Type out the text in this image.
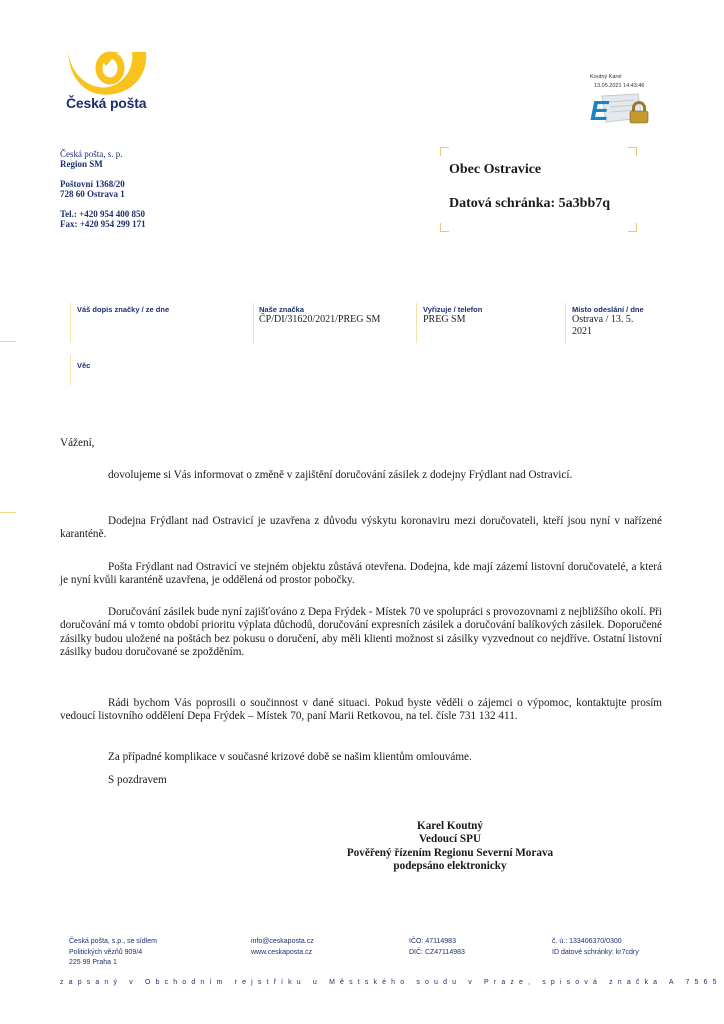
Česká pošta
Koutný Karel
13.05.2021 14:43:46
E
Česká pošta, s. p.
Region SM
Poštovní 1368/20
728 60 Ostrava 1
Tel.: +420 954 400 850
Fax: +420 954 299 171
Obec Ostravice
Datová schránka: 5a3bb7q
Váš dopis značky / ze dne	Naše značka
ČP/DI/31620/2021/PREG SM
Vyřizuje / telefon
PREG SM
Místo odeslání / dne
Ostrava / 13. 5.
2021
Věc
Vážení,
dovolujeme si Vás informovat o změně v zajištění doručování zásilek z dodejny Frýdlant nad Ostravicí.
Dodejna Frýdlant nad Ostravicí je uzavřena z důvodu výskytu koronaviru mezi doručovateli, kteří jsou nyní v nařízené karanténě.
Pošta Frýdlant nad Ostravicí ve stejném objektu zůstává otevřena. Dodejna, kde mají zázemí listovní doručovatelé, a která je nyní kvůli karanténě uzavřena, je oddělená od prostor pobočky.
Doručování zásilek bude nyní zajišťováno z Depa Frýdek - Místek 70 ve spolupráci s provozovnami z nejbližšího okolí. Při doručování má v tomto období prioritu výplata důchodů, doručování expresních zásilek a doručování balíkových zásilek. Doporučené zásilky budou uložené na poštách bez pokusu o doručení, aby měli klienti možnost si zásilky vyzvednout co nejdříve. Ostatní listovní zásilky budou doručované se zpožděním.
Rádi bychom Vás poprosili o součinnost v dané situaci. Pokud byste věděli o zájemci o výpomoc, kontaktujte prosím vedoucí listovního oddělení Depa Frýdek – Místek 70, paní Marii Retkovou, na tel. čísle 731 132 411.
Za případné komplikace v současné krizové době se našim klientům omlouváme.
S pozdravem
Karel Koutný
Vedoucí SPU
Pověřený řízením Regionu Severní Morava
podepsáno elektronicky
Česká pošta, s.p., se sídlem
Politických vězňů 909/4
225 99 Praha 1
info@ceskaposta.cz
www.ceskaposta.cz
IČO: 47114983
DIČ: CZ47114983
č. ú.: 133406370/0300
ID datové schránky: kr7cdry
zapsaný v Obchodním rejstříku u Městského soudu v Praze, spisová značka A 7565
